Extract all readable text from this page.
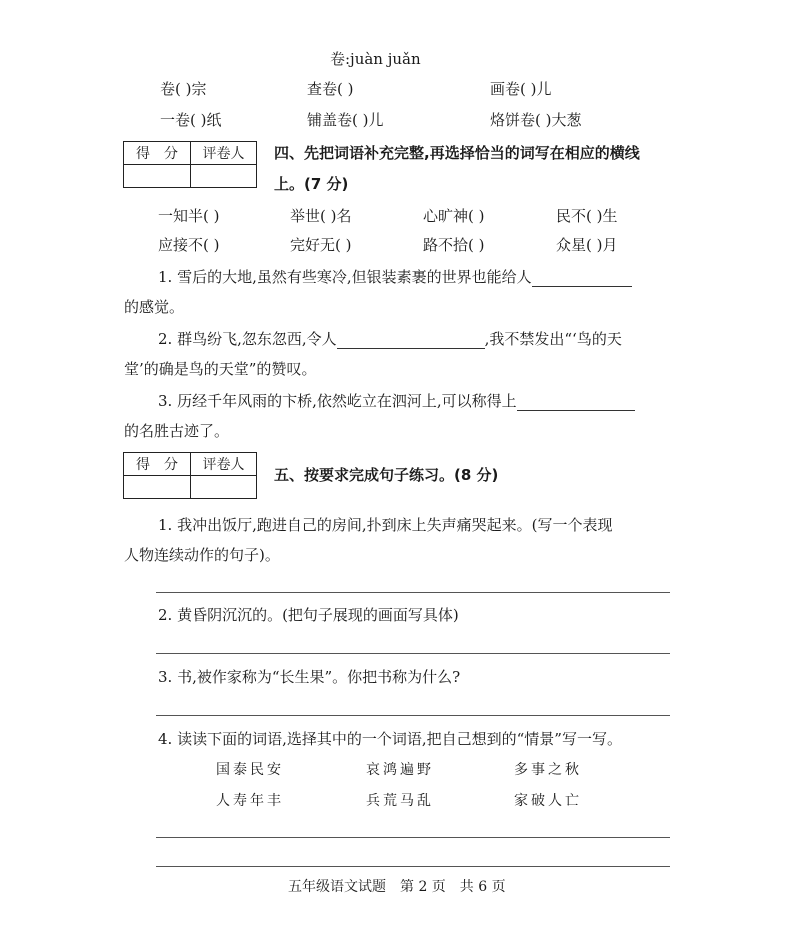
卷:juàn juǎn
卷( )宗	查卷( )	画卷( )儿
一卷( )纸	铺盖卷( )儿	烙饼卷( )大葱
得　分	评卷人
	四、先把词语补充完整,再选择恰当的词写在相应的横线
上。(7 分)
一知半( )	举世( )名	心旷神( )	民不( )生
应接不( )	完好无( )	路不拾( )	众星( )月
1. 雪后的大地,虽然有些寒冷,但银装素裹的世界也能给人
的感觉。
2. 群鸟纷飞,忽东忽西,令人	,我不禁发出“‘鸟的天
堂’的确是鸟的天堂”的赞叹。
3. 历经千年风雨的卞桥,依然屹立在泗河上,可以称得上
的名胜古迹了。
得　分	评卷人

五、按要求完成句子练习。(8 分)
1. 我冲出饭厅,跑进自己的房间,扑到床上失声痛哭起来。(写一个表现
人物连续动作的句子)。
2. 黄昏阴沉沉的。(把句子展现的画面写具体)
3. 书,被作家称为“长生果”。你把书称为什么?
4. 读读下面的词语,选择其中的一个词语,把自己想到的“情景”写一写。
国泰民安	哀鸿遍野	多事之秋
人寿年丰	兵荒马乱	家破人亡
五年级语文试题　第 2 页　共 6 页
